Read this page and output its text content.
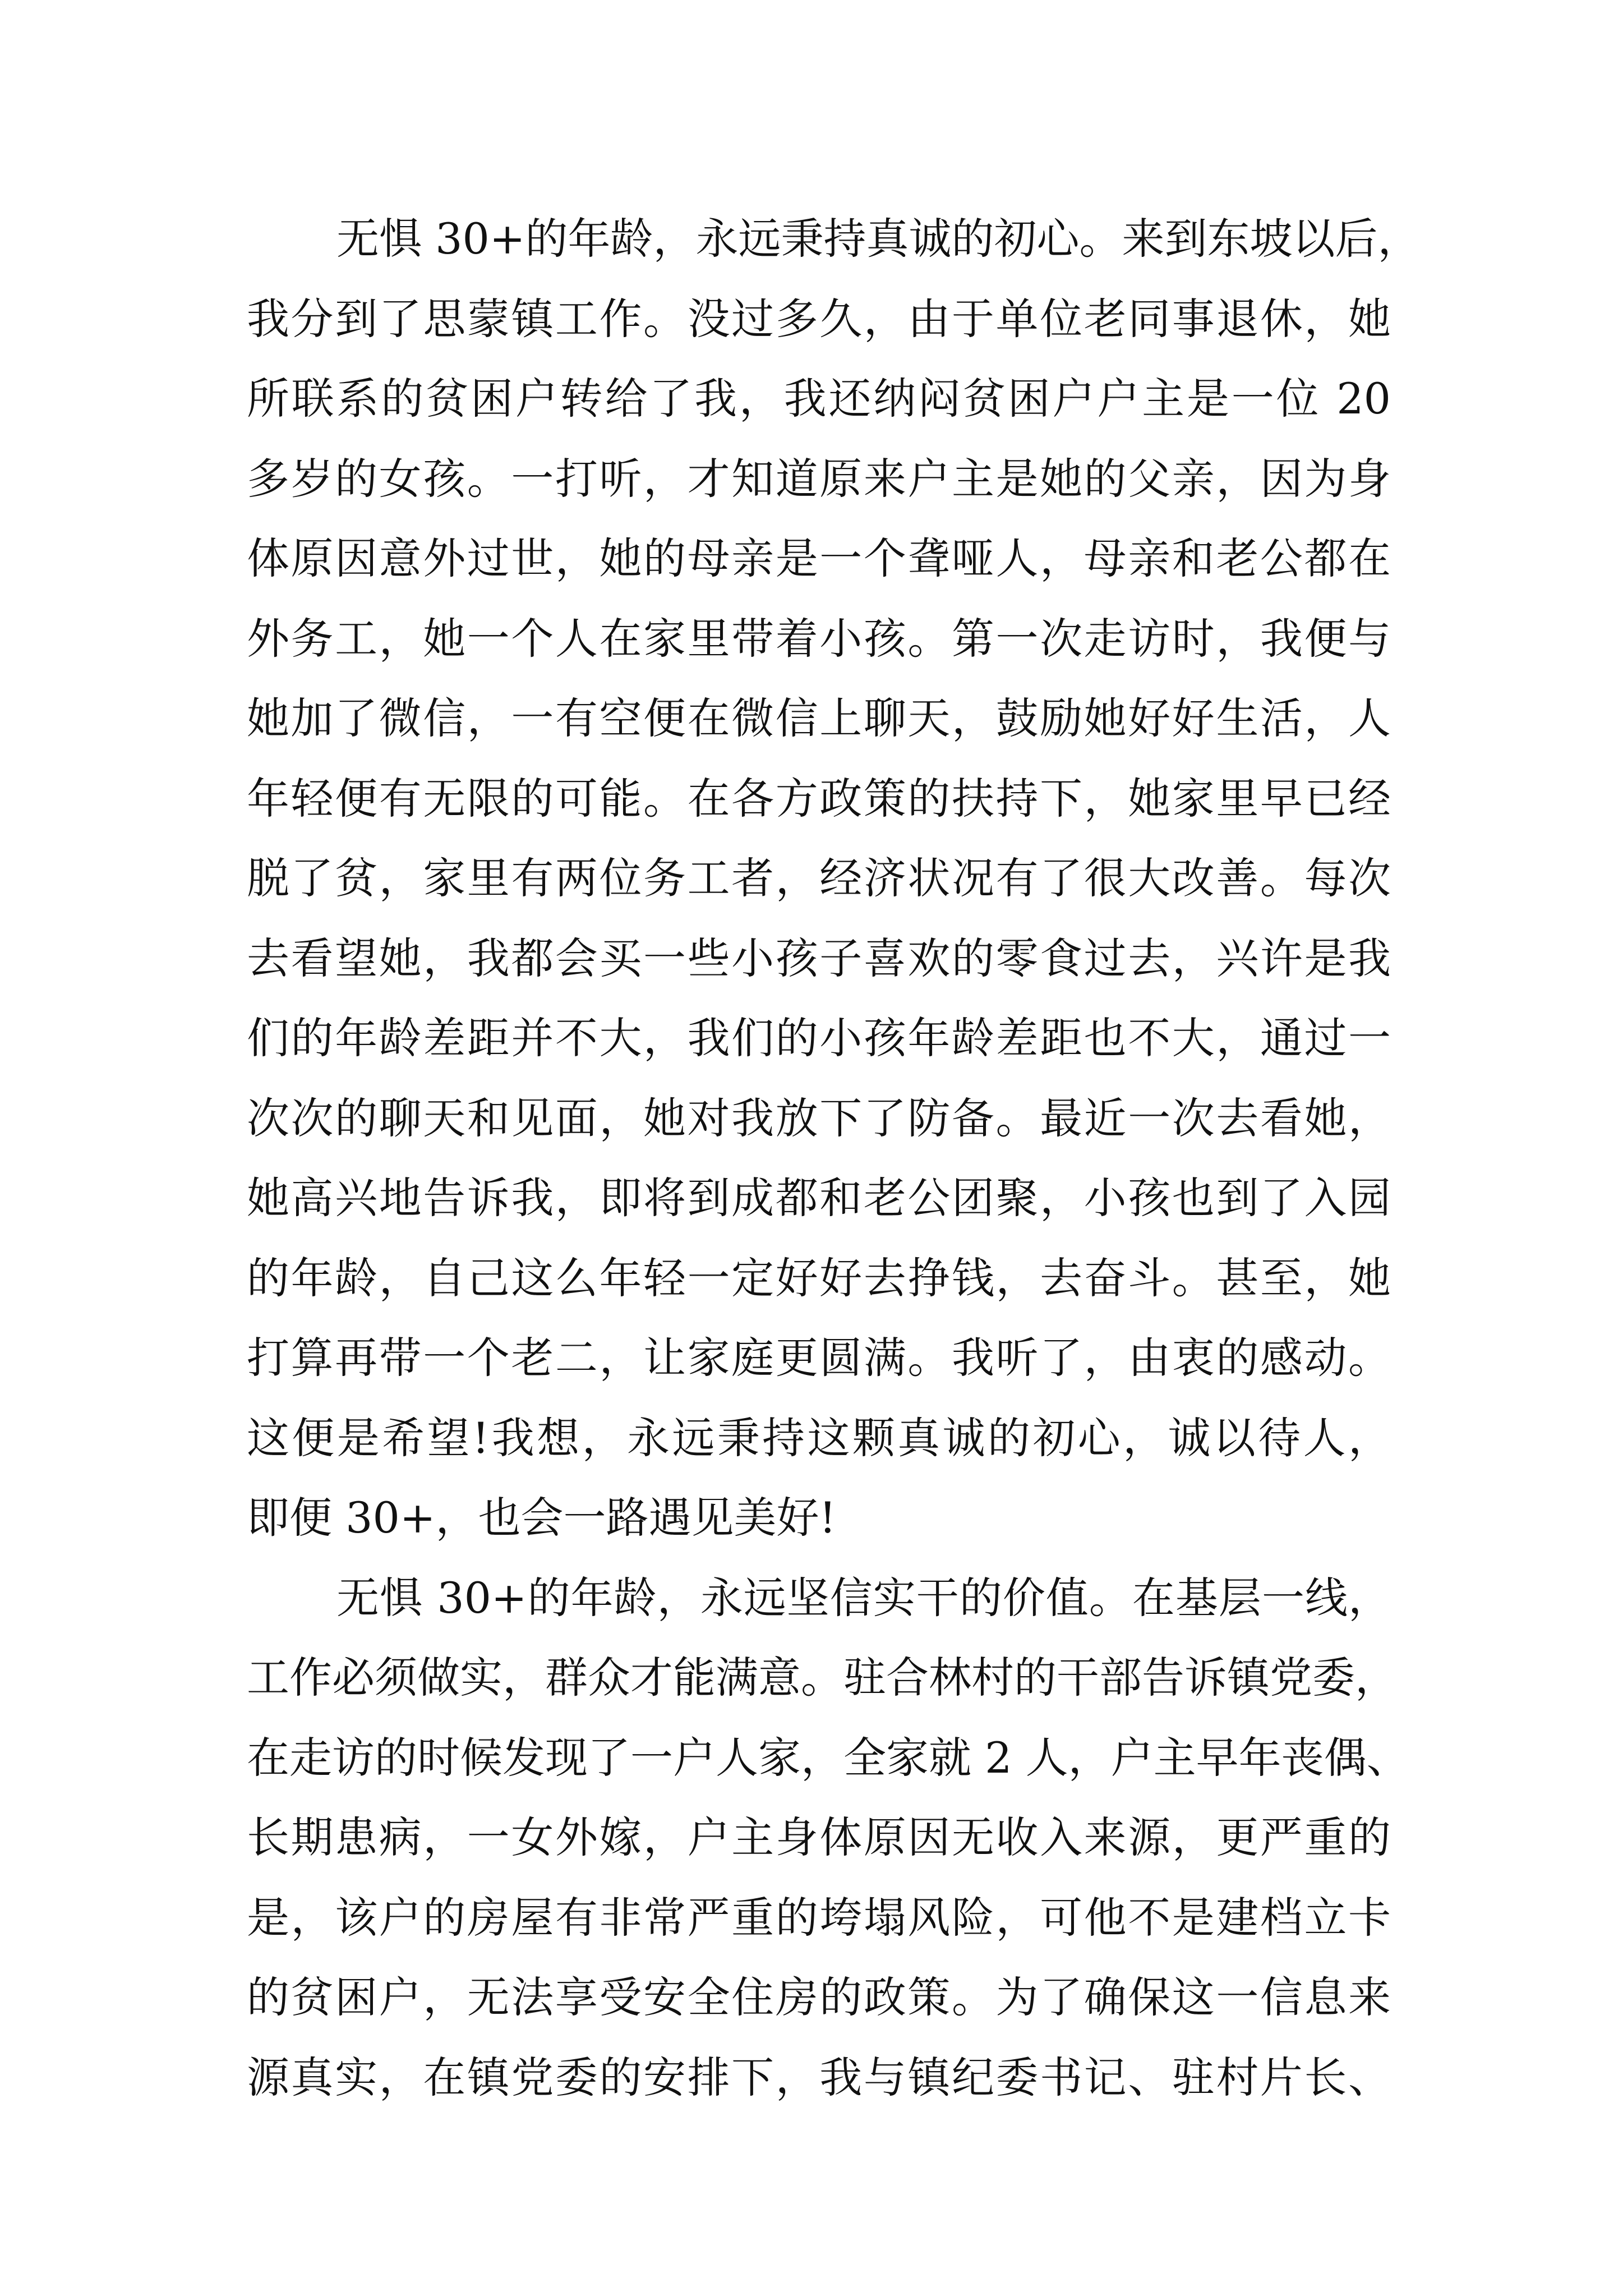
无惧 30+的年龄，永远秉持真诚的初心。来到东坡以后，
我分到了思蒙镇工作。没过多久，由于单位老同事退休，她
所联系的贫困户转给了我，我还纳闷贫困户户主是一位 20
多岁的女孩。一打听，才知道原来户主是她的父亲，因为身
体原因意外过世，她的母亲是一个聋哑人，母亲和老公都在
外务工，她一个人在家里带着小孩。第一次走访时，我便与
她加了微信，一有空便在微信上聊天，鼓励她好好生活，人
年轻便有无限的可能。在各方政策的扶持下，她家里早已经
脱了贫，家里有两位务工者，经济状况有了很大改善。每次
去看望她，我都会买一些小孩子喜欢的零食过去，兴许是我
们的年龄差距并不大，我们的小孩年龄差距也不大，通过一
次次的聊天和见面，她对我放下了防备。最近一次去看她，
她高兴地告诉我，即将到成都和老公团聚，小孩也到了入园
的年龄，自己这么年轻一定好好去挣钱，去奋斗。甚至，她
打算再带一个老二，让家庭更圆满。我听了，由衷的感动。
这便是希望!我想，永远秉持这颗真诚的初心，诚以待人，
即便 30+，也会一路遇见美好!
无惧 30+的年龄，永远坚信实干的价值。在基层一线，
工作必须做实，群众才能满意。驻合林村的干部告诉镇党委，
在走访的时候发现了一户人家，全家就 2 人，户主早年丧偶、
长期患病，一女外嫁，户主身体原因无收入来源，更严重的
是，该户的房屋有非常严重的垮塌风险，可他不是建档立卡
的贫困户，无法享受安全住房的政策。为了确保这一信息来
源真实，在镇党委的安排下，我与镇纪委书记、驻村片长、
